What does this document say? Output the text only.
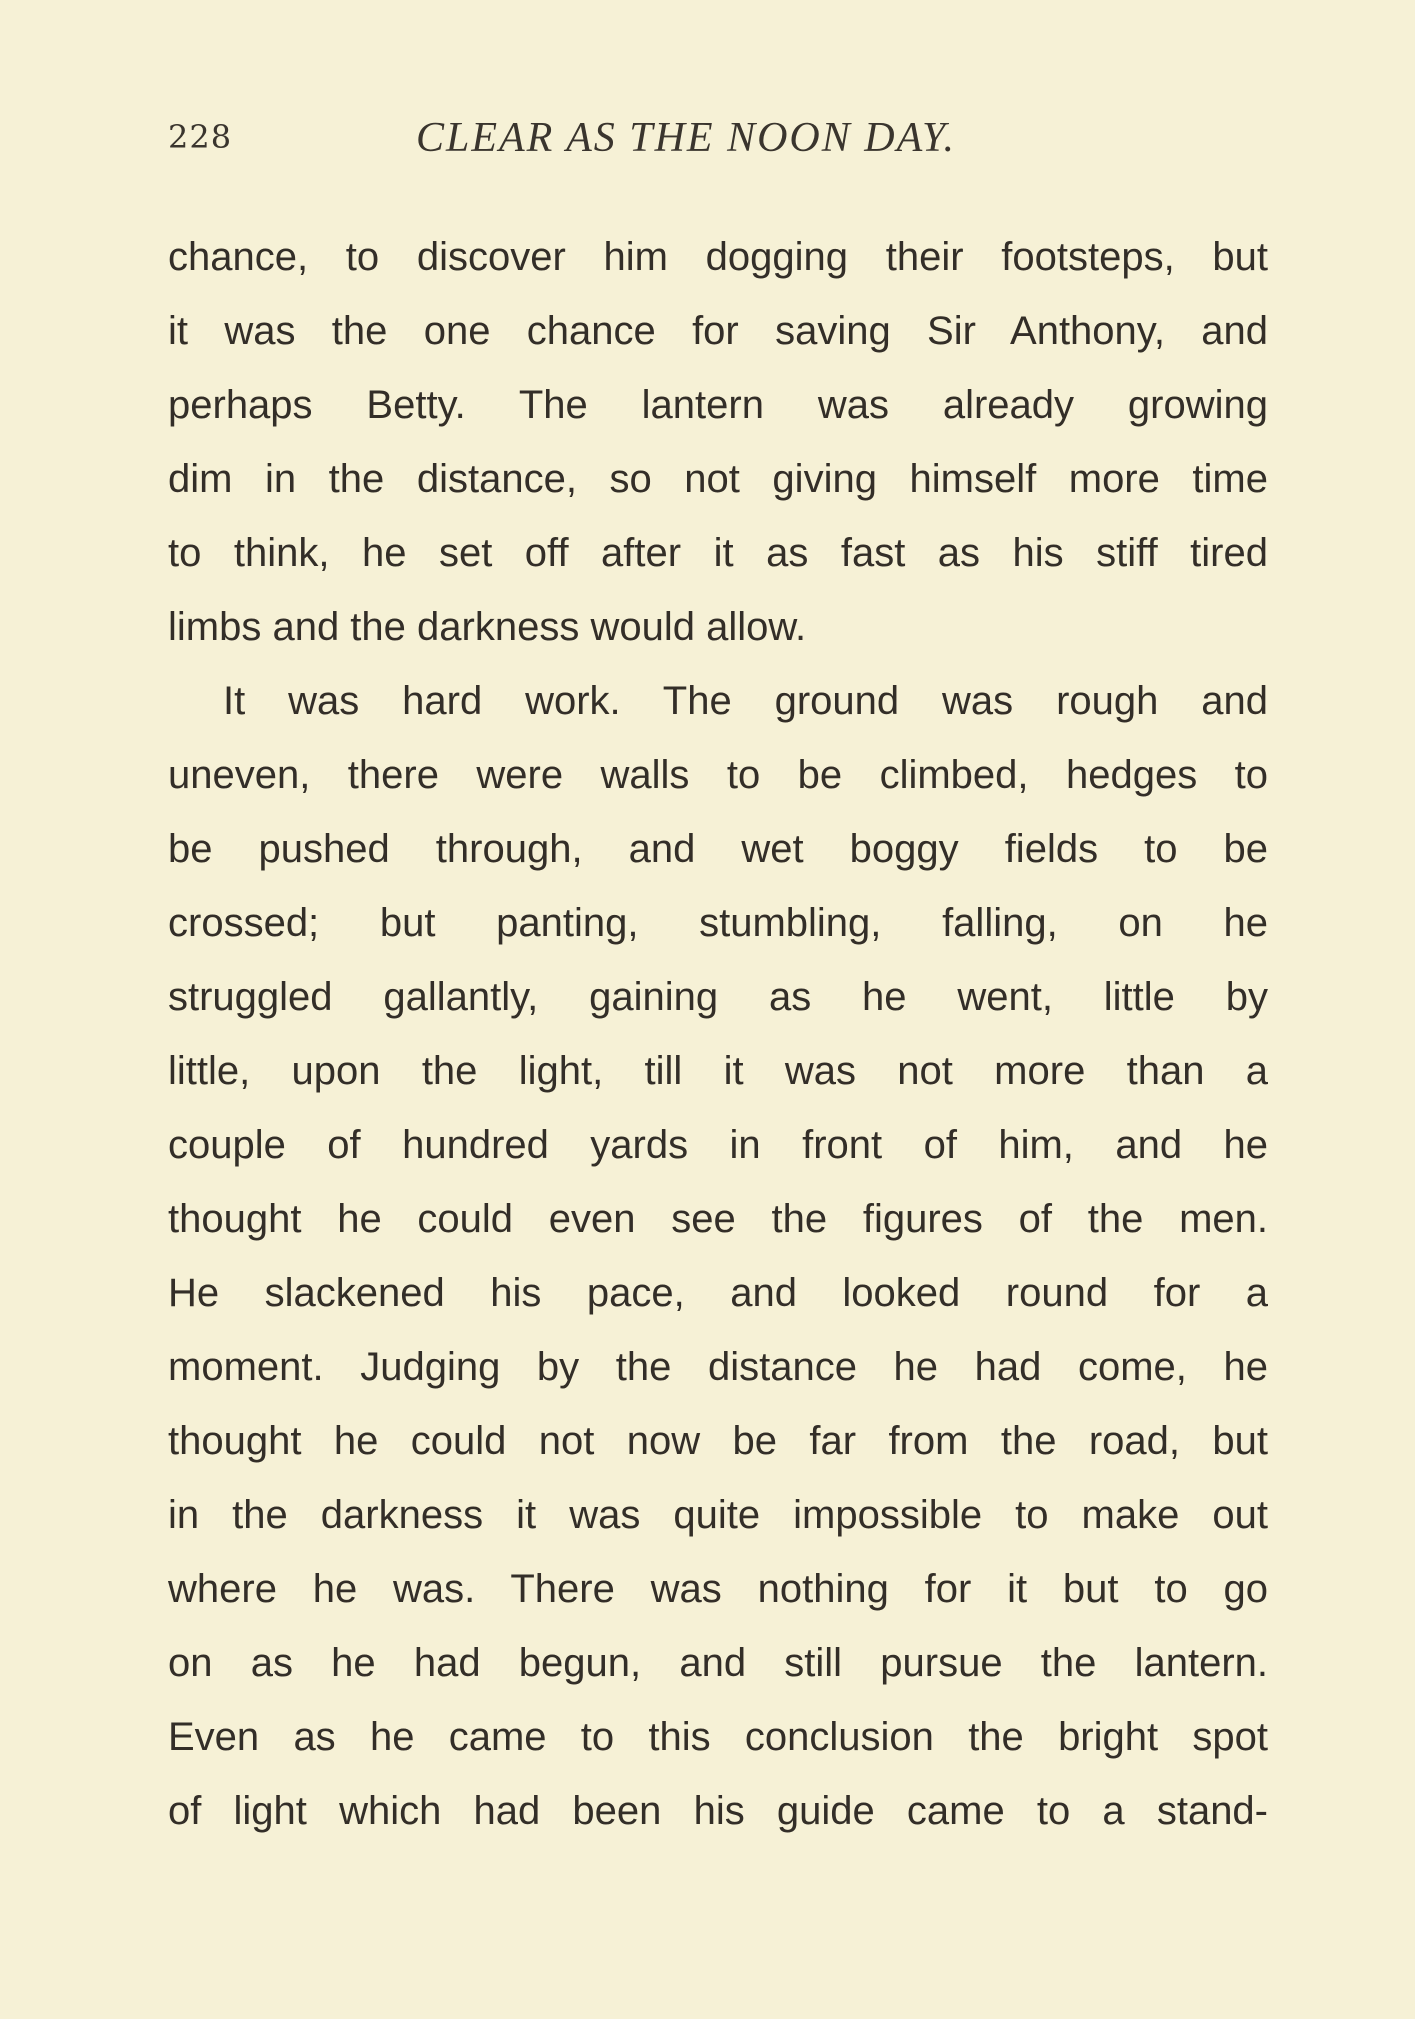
228	CLEAR AS THE NOON DAY.
chance, to discover him dogging their footsteps, but
it was the one chance for saving Sir Anthony, and
perhaps Betty. The lantern was already growing
dim in the distance, so not giving himself more time
to think, he set off after it as fast as his stiff tired
limbs and the darkness would allow.
It was hard work. The ground was rough and
uneven, there were walls to be climbed, hedges to
be pushed through, and wet boggy fields to be
crossed; but panting, stumbling, falling, on he
struggled gallantly, gaining as he went, little by
little, upon the light, till it was not more than a
couple of hundred yards in front of him, and he
thought he could even see the figures of the men.
He slackened his pace, and looked round for a
moment. Judging by the distance he had come, he
thought he could not now be far from the road, but
in the darkness it was quite impossible to make out
where he was. There was nothing for it but to go
on as he had begun, and still pursue the lantern.
Even as he came to this conclusion the bright spot
of light which had been his guide came to a stand-
